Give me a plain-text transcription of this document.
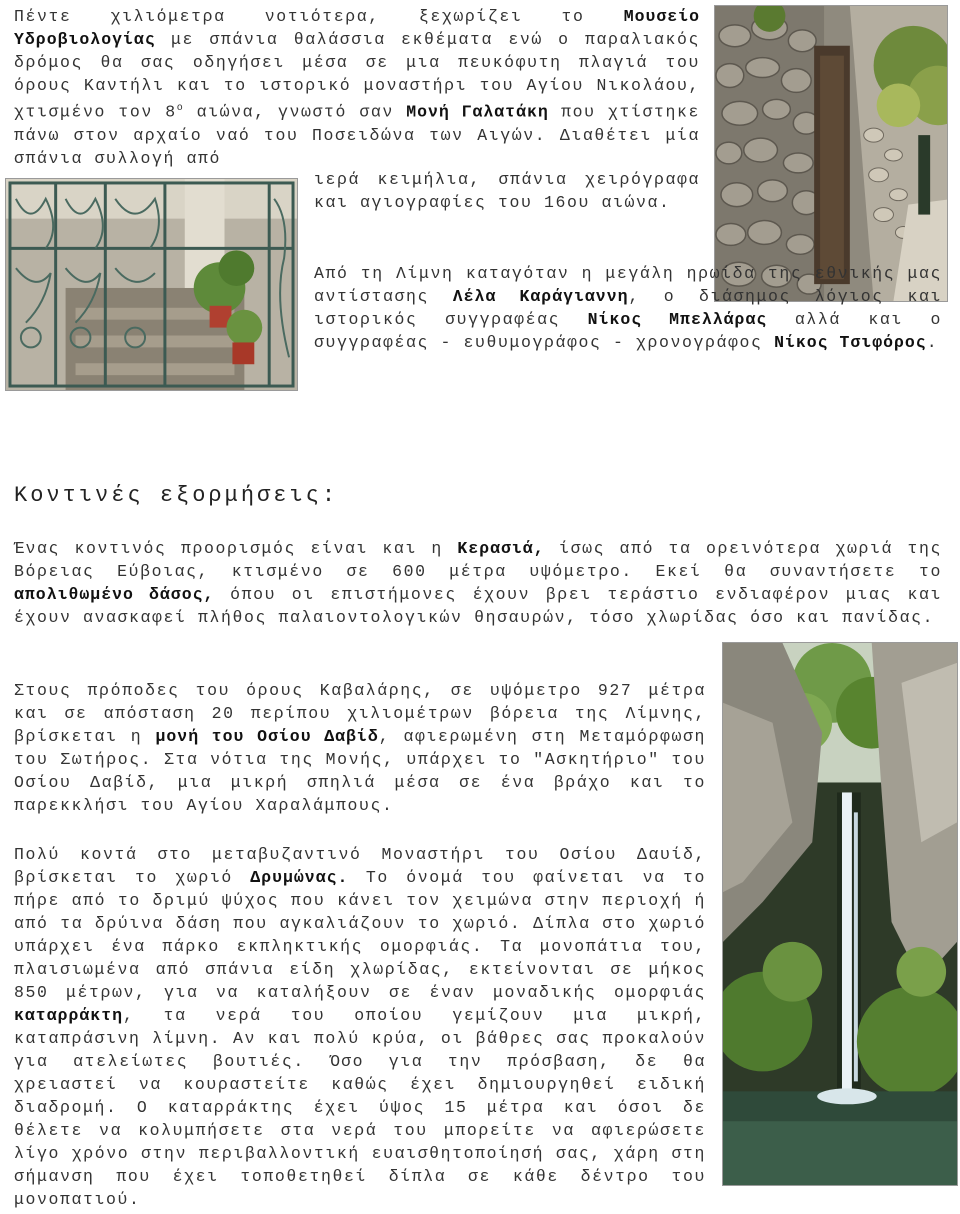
Πέντε χιλιόμετρα νοτιότερα, ξεχωρίζει το Μουσείο Υδροβιολογίας με σπάνια θαλάσσια εκθέματα ενώ ο παραλιακός δρόμος θα σας οδηγήσει μέσα σε μια πευκόφυτη πλαγιά του όρους Καντήλι και το ιστορικό μοναστήρι του Αγίου Νικολάου, χτισμένο τον $8^o$ αιώνα, γνωστό σαν Μονή Γαλατάκη που χτίστηκε πάνω στον αρχαίο ναό του Ποσειδώνα των Αιγών. Διαθέτει μία σπάνια συλλογή από

ιερά κειμήλια, σπάνια χειρόγραφα και αγιογραφίες του 16ου αιώνα.

Από τη Λίμνη καταγόταν η μεγάλη ηρωίδα της εθνικής μας αντίστασης Λέλα Καράγιαννη, ο διάσημος λόγιος και ιστορικός συγγραφέας Νίκος Μπελλάρας αλλά και ο συγγραφέας - ευθυμογράφος - χρονογράφος Νίκος Τσιφόρος.

Κοντινές εξορμήσεις:

Ένας κοντινός προορισμός είναι και η Κερασιά, ίσως από τα ορεινότερα χωριά της Βόρειας Εύβοιας, κτισμένο σε 600 μέτρα υψόμετρο. Εκεί θα συναντήσετε το απολιθωμένο δάσος, όπου οι επιστήμονες έχουν βρει τεράστιο ενδιαφέρον μιας και έχουν ανασκαφεί πλήθος παλαιοντολογικών θησαυρών, τόσο χλωρίδας όσο και πανίδας.

Στους πρόποδες του όρους Καβαλάρης, σε υψόμετρο 927 μέτρα και σε απόσταση 20 περίπου χιλιομέτρων βόρεια της Λίμνης, βρίσκεται η μονή του Οσίου Δαβίδ, αφιερωμένη στη Μεταμόρφωση του Σωτήρος. Στα νότια της Μονής, υπάρχει το "Ασκητήριο" του Οσίου Δαβίδ, μια μικρή σπηλιά μέσα σε ένα βράχο και το παρεκκλήσι του Αγίου Χαραλάμπους.

Πολύ κοντά στο μεταβυζαντινό Μοναστήρι του Οσίου Δαυίδ, βρίσκεται το χωριό Δρυμώνας. Το όνομά του φαίνεται να το πήρε από το δριμύ ψύχος που κάνει τον χειμώνα στην περιοχή ή από τα δρύινα δάση που αγκαλιάζουν το χωριό. Δίπλα στο χωριό υπάρχει ένα πάρκο εκπληκτικής ομορφιάς. Τα μονοπάτια του, πλαισιωμένα από σπάνια είδη χλωρίδας, εκτείνονται σε μήκος 850 μέτρων, για να καταλήξουν σε έναν μοναδικής ομορφιάς καταρράκτη, τα νερά του οποίου γεμίζουν μια μικρή, καταπράσινη λίμνη. Αν και πολύ κρύα, οι βάθρες σας προκαλούν για ατελείωτες βουτιές. Όσο για την πρόσβαση, δε θα χρειαστεί να κουραστείτε καθώς έχει δημιουργηθεί ειδική διαδρομή. Ο καταρράκτης έχει ύψος 15 μέτρα και όσοι δε θέλετε να κολυμπήσετε στα νερά του μπορείτε να αφιερώσετε λίγο χρόνο στην περιβαλλοντική ευαισθητοποίησή σας, χάρη στη σήμανση που έχει τοποθετηθεί δίπλα σε κάθε δέντρο του μονοπατιού.
